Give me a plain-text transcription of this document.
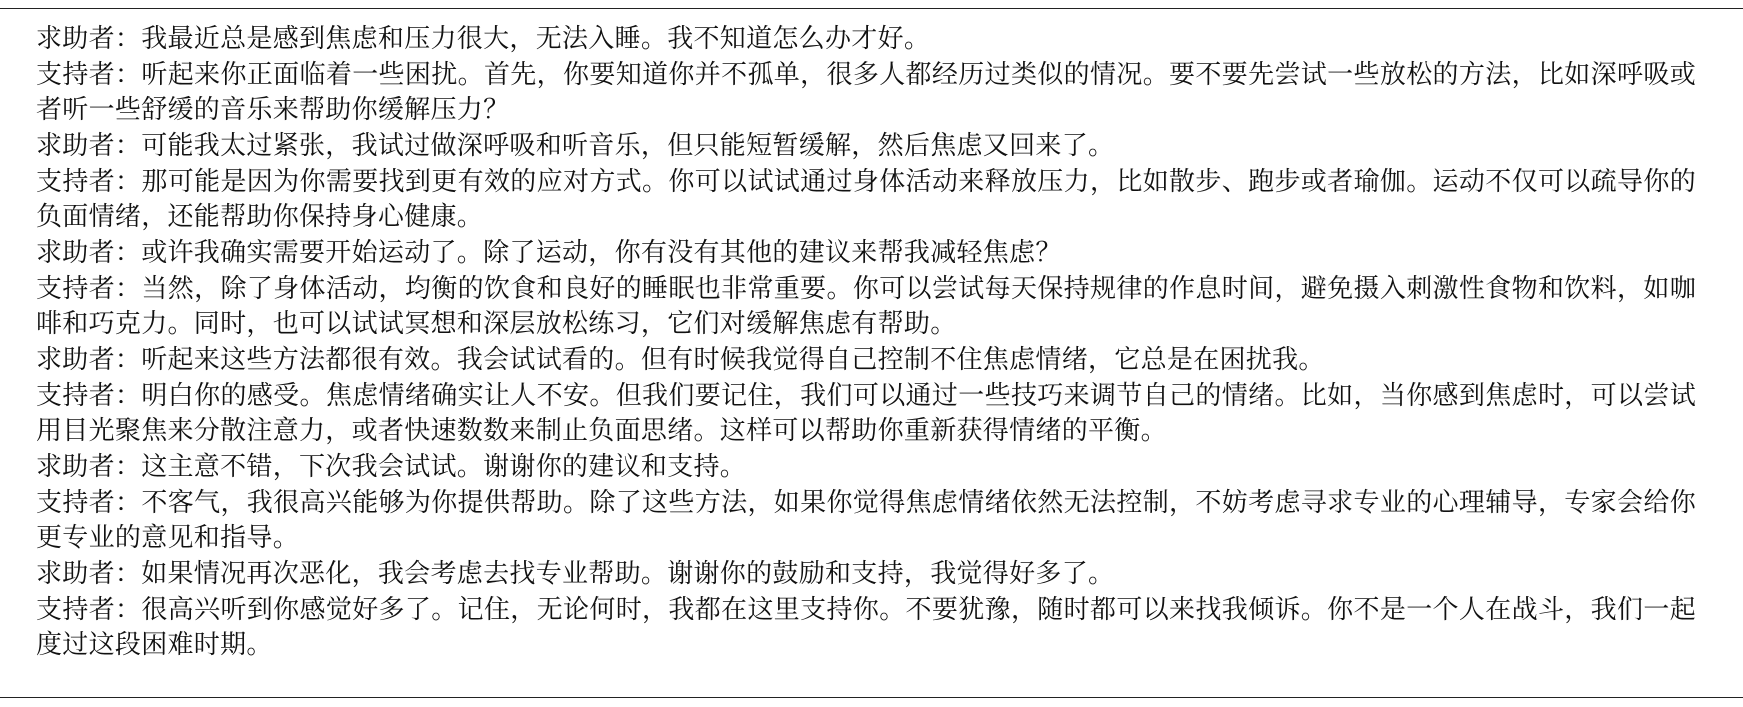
求助者：我最近总是感到焦虑和压力很大，无法入睡。我不知道怎么办才好。
支持者：听起来你正面临着一些困扰。首先，你要知道你并不孤单，很多人都经历过类似的情况。要不要先尝试一些放松的方法，比如深呼吸或者听一些舒缓的音乐来帮助你缓解压力？
求助者：可能我太过紧张，我试过做深呼吸和听音乐，但只能短暂缓解，然后焦虑又回来了。
支持者：那可能是因为你需要找到更有效的应对方式。你可以试试通过身体活动来释放压力，比如散步、跑步或者瑜伽。运动不仅可以疏导你的负面情绪，还能帮助你保持身心健康。
求助者：或许我确实需要开始运动了。除了运动，你有没有其他的建议来帮我减轻焦虑？
支持者：当然，除了身体活动，均衡的饮食和良好的睡眠也非常重要。你可以尝试每天保持规律的作息时间，避免摄入刺激性食物和饮料，如咖啡和巧克力。同时，也可以试试冥想和深层放松练习，它们对缓解焦虑有帮助。
求助者：听起来这些方法都很有效。我会试试看的。但有时候我觉得自己控制不住焦虑情绪，它总是在困扰我。
支持者：明白你的感受。焦虑情绪确实让人不安。但我们要记住，我们可以通过一些技巧来调节自己的情绪。比如，当你感到焦虑时，可以尝试用目光聚焦来分散注意力，或者快速数数来制止负面思绪。这样可以帮助你重新获得情绪的平衡。
求助者：这主意不错，下次我会试试。谢谢你的建议和支持。
支持者：不客气，我很高兴能够为你提供帮助。除了这些方法，如果你觉得焦虑情绪依然无法控制，不妨考虑寻求专业的心理辅导，专家会给你更专业的意见和指导。
求助者：如果情况再次恶化，我会考虑去找专业帮助。谢谢你的鼓励和支持，我觉得好多了。
支持者：很高兴听到你感觉好多了。记住，无论何时，我都在这里支持你。不要犹豫，随时都可以来找我倾诉。你不是一个人在战斗，我们一起度过这段困难时期。
